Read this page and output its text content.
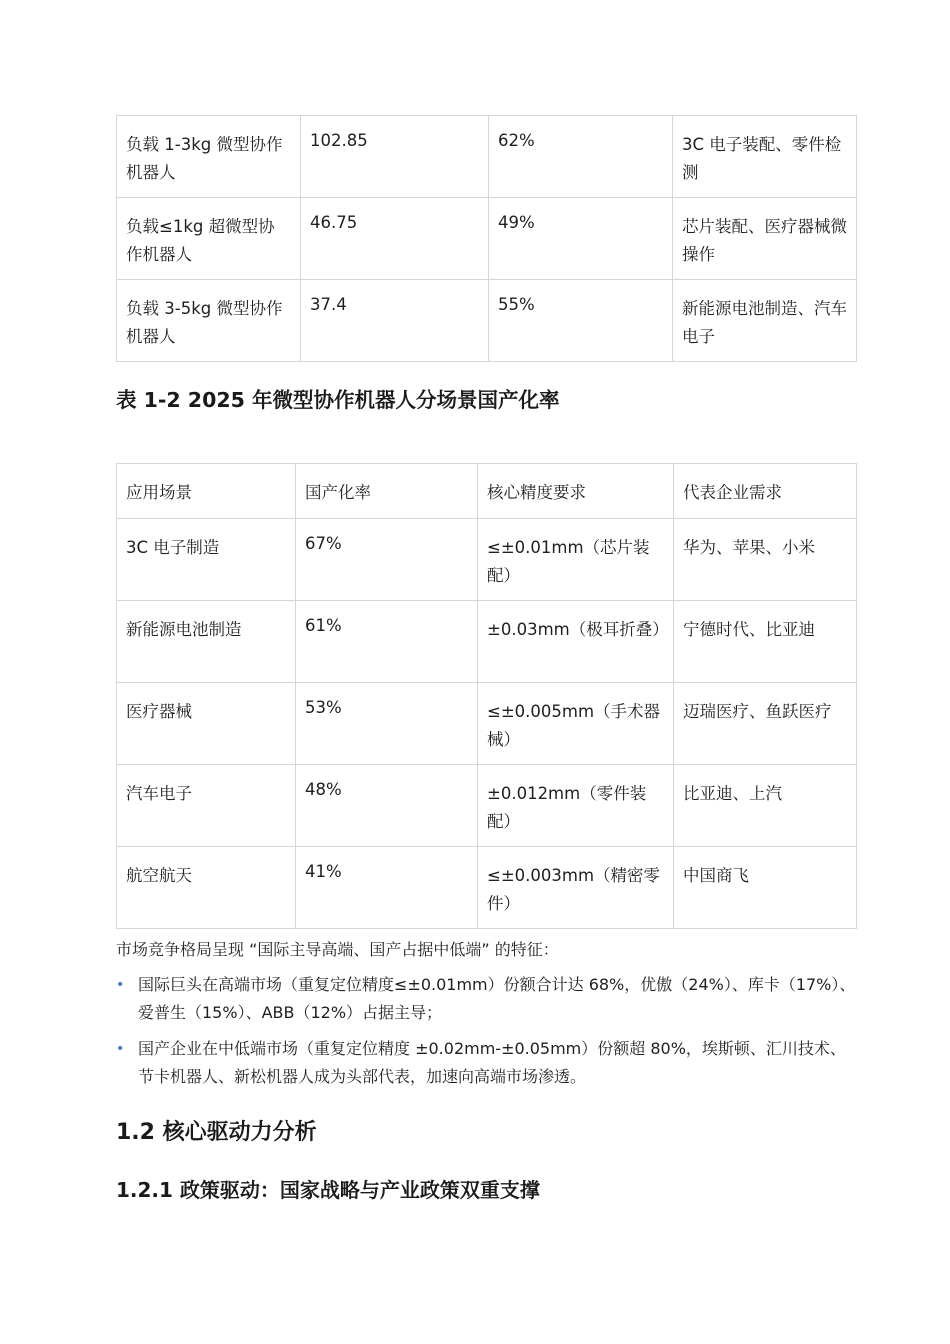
负载 1-3kg 微型协作机器人	102.85	62%	3C 电子装配、零件检测
负载≤1kg 超微型协作机器人	46.75	49%	芯片装配、医疗器械微操作
负载 3-5kg 微型协作机器人	37.4	55%	新能源电池制造、汽车电子
表 1-2 2025 年微型协作机器人分场景国产化率
应用场景	国产化率	核心精度要求	代表企业需求
3C 电子制造	67%	≤±0.01mm（芯片装配）	华为、苹果、小米
新能源电池制造	61%	±0.03mm（极耳折叠）	宁德时代、比亚迪
医疗器械	53%	≤±0.005mm（手术器械）	迈瑞医疗、鱼跃医疗
汽车电子	48%	±0.012mm（零件装配）	比亚迪、上汽
航空航天	41%	≤±0.003mm（精密零件）	中国商飞
市场竞争格局呈现 “国际主导高端、国产占据中低端” 的特征：
• 国际巨头在高端市场（重复定位精度≤±0.01mm）份额合计达 68%，优傲（24%）、库卡（17%）、爱普生（15%）、ABB（12%）占据主导；
• 国产企业在中低端市场（重复定位精度 ±0.02mm-±0.05mm）份额超 80%，埃斯顿、汇川技术、节卡机器人、新松机器人成为头部代表，加速向高端市场渗透。
1.2 核心驱动力分析
1.2.1 政策驱动：国家战略与产业政策双重支撑
